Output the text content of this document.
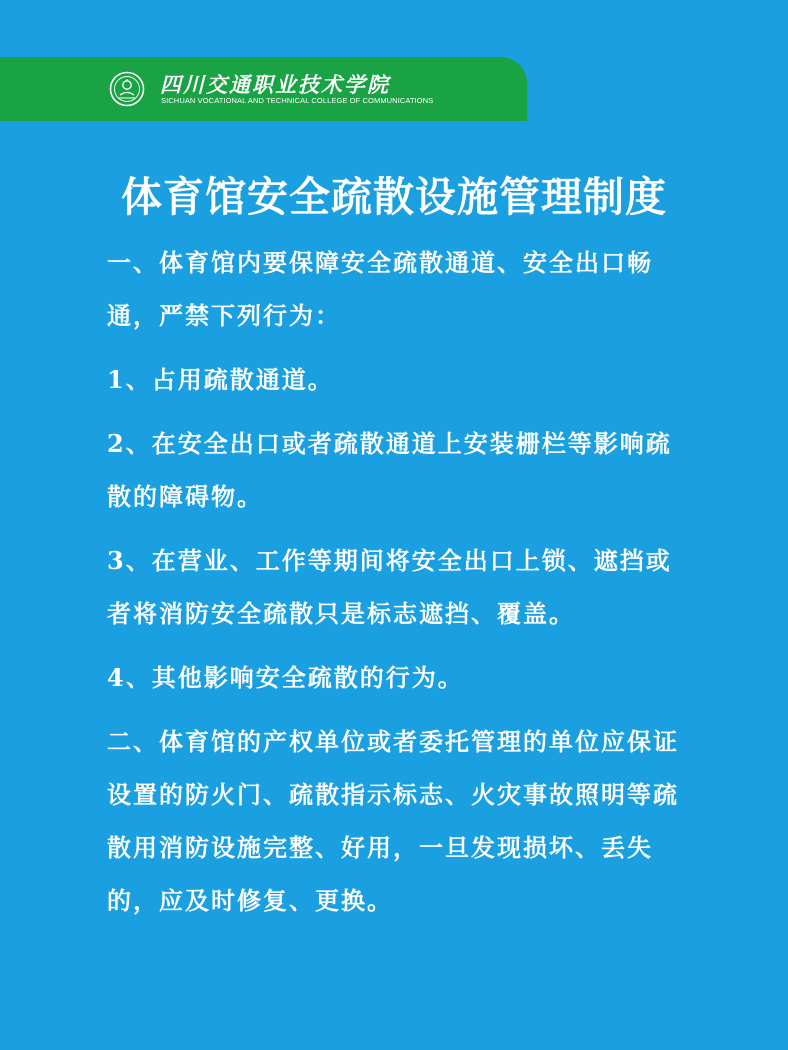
四川交通职业技术学院
SICHUAN VOCATIONAL AND TECHNICAL COLLEGE OF COMMUNICATIONS
体育馆安全疏散设施管理制度

一、体育馆内要保障安全疏散通道、安全出口畅通，严禁下列行为：

1、占用疏散通道。

2、在安全出口或者疏散通道上安装栅栏等影响疏散的障碍物。

3、在营业、工作等期间将安全出口上锁、遮挡或者将消防安全疏散只是标志遮挡、覆盖。

4、其他影响安全疏散的行为。

二、体育馆的产权单位或者委托管理的单位应保证设置的防火门、疏散指示标志、火灾事故照明等疏散用消防设施完整、好用，一旦发现损坏、丢失的，应及时修复、更换。
